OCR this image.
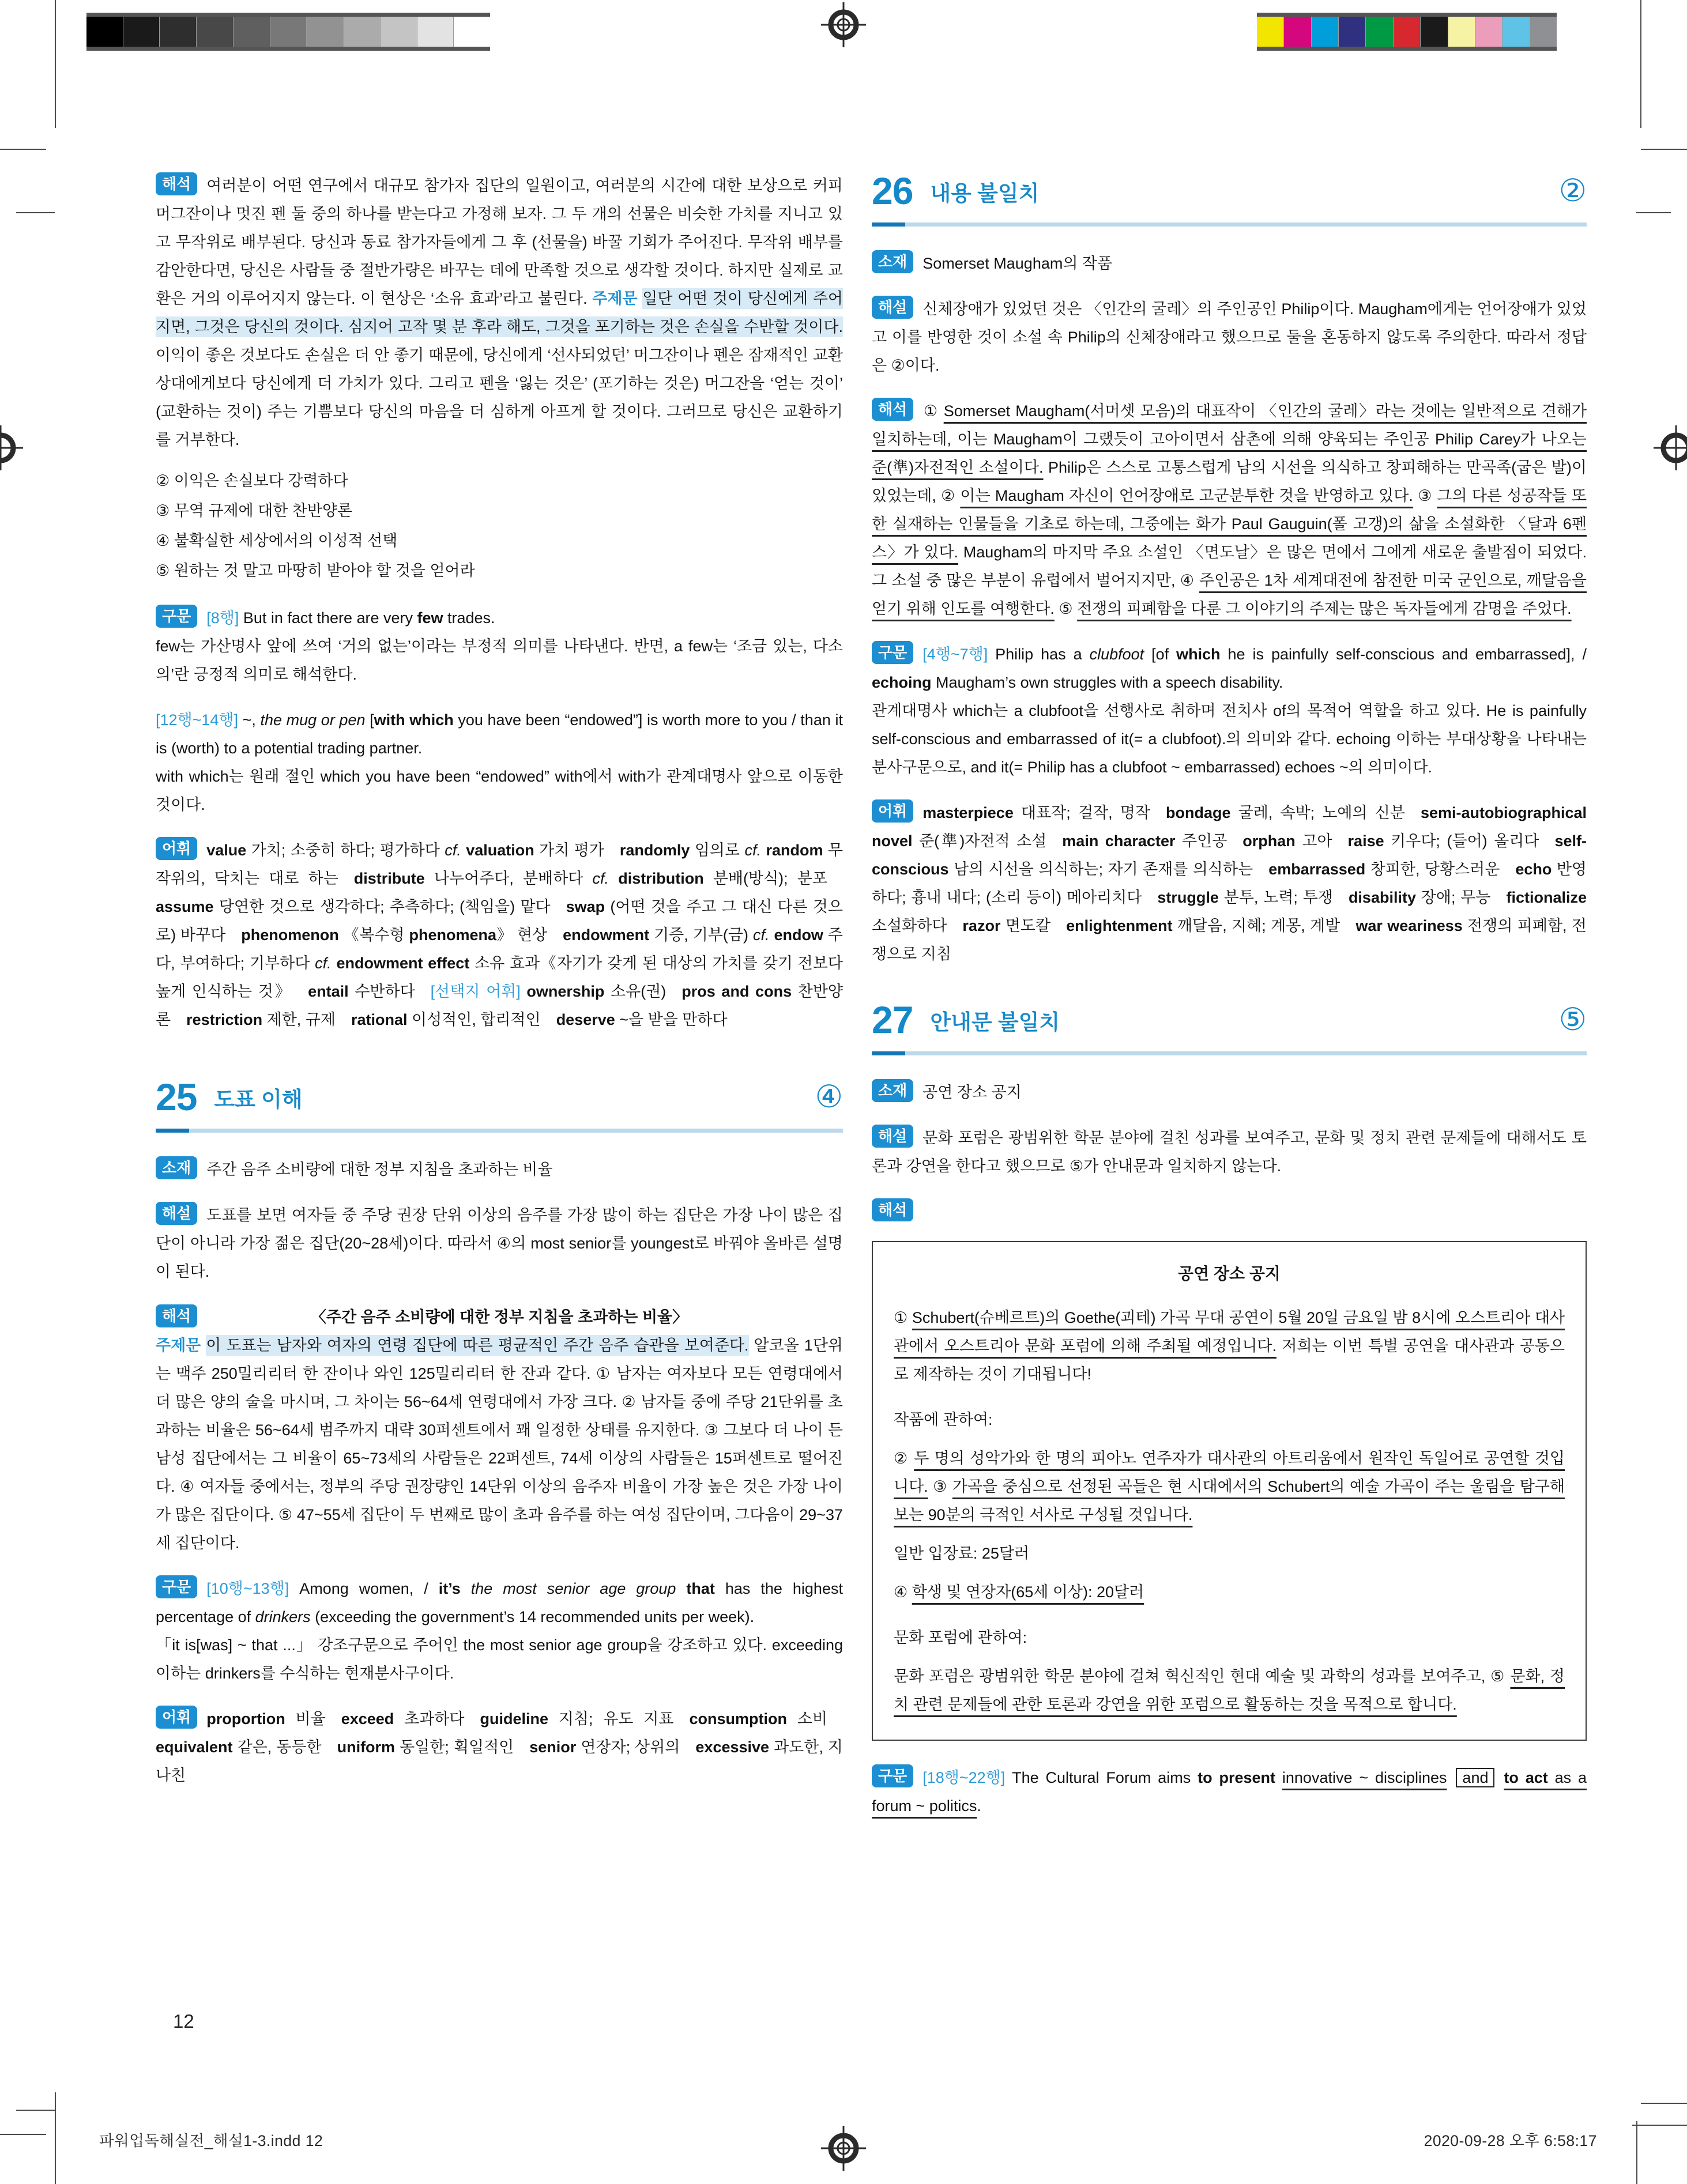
해석 여러분이 어떤 연구에서 대규모 참가자 집단의 일원이고, 여러분의 시간에 대한 보상으로 커피 머그잔이나 멋진 펜 둘 중의 하나를 받는다고 가정해 보자. 그 두 개의 선물은 비슷한 가치를 지니고 있고 무작위로 배부된다. 당신과 동료 참가자들에게 그 후 (선물을) 바꿀 기회가 주어진다. 무작위 배부를 감안한다면, 당신은 사람들 중 절반가량은 바꾸는 데에 만족할 것으로 생각할 것이다. 하지만 실제로 교환은 거의 이루어지지 않는다. 이 현상은 ‘소유 효과’라고 불린다. 주제문 일단 어떤 것이 당신에게 주어지면, 그것은 당신의 것이다. 심지어 고작 몇 분 후라 해도, 그것을 포기하는 것은 손실을 수반할 것이다. 이익이 좋은 것보다도 손실은 더 안 좋기 때문에, 당신에게 ‘선사되었던’ 머그잔이나 펜은 잠재적인 교환 상대에게보다 당신에게 더 가치가 있다. 그리고 펜을 ‘잃는 것은’ (포기하는 것은) 머그잔을 ‘얻는 것이’ (교환하는 것이) 주는 기쁨보다 당신의 마음을 더 심하게 아프게 할 것이다. 그러므로 당신은 교환하기를 거부한다.
② 이익은 손실보다 강력하다
③ 무역 규제에 대한 찬반양론
④ 불확실한 세상에서의 이성적 선택
⑤ 원하는 것 말고 마땅히 받아야 할 것을 얻어라
구문 [8행] But in fact there are very few trades.
few는 가산명사 앞에 쓰여 ‘거의 없는’이라는 부정적 의미를 나타낸다. 반면, a few는 ‘조금 있는, 다소의’란 긍정적 의미로 해석한다.
[12행~14행] ~, the mug or pen [with which you have been “endowed”] is worth more to you / than it is (worth) to a potential trading partner.
with which는 원래 절인 which you have been “endowed” with에서 with가 관계대명사 앞으로 이동한 것이다.
어휘 value 가치; 소중히 하다; 평가하다 cf. valuation 가치 평가 randomly 임의로 cf. random 무작위의, 닥치는 대로 하는 distribute 나누어주다, 분배하다 cf. distribution 분배(방식); 분포 assume 당연한 것으로 생각하다; 추측하다; (책임을) 맡다 swap (어떤 것을 주고 그 대신 다른 것으로) 바꾸다 phenomenon 《복수형 phenomena》 현상 endowment 기증, 기부(금) cf. endow 주다, 부여하다; 기부하다 cf. endowment effect 소유 효과《자기가 갖게 된 대상의 가치를 갖기 전보다 높게 인식하는 것》 entail 수반하다 [선택지 어휘] ownership 소유(권) pros and cons 찬반양론 restriction 제한, 규제 rational 이성적인, 합리적인 deserve ~을 받을 만하다
25 도표 이해	④
소재 주간 음주 소비량에 대한 정부 지침을 초과하는 비율
해설 도표를 보면 여자들 중 주당 권장 단위 이상의 음주를 가장 많이 하는 집단은 가장 나이 많은 집단이 아니라 가장 젊은 집단(20~28세)이다. 따라서 ④의 most senior를 youngest로 바꿔야 올바른 설명이 된다.
해석	〈주간 음주 소비량에 대한 정부 지침을 초과하는 비율〉
주제문 이 도표는 남자와 여자의 연령 집단에 따른 평균적인 주간 음주 습관을 보여준다. 알코올 1단위는 맥주 250밀리리터 한 잔이나 와인 125밀리리터 한 잔과 같다. ① 남자는 여자보다 모든 연령대에서 더 많은 양의 술을 마시며, 그 차이는 56~64세 연령대에서 가장 크다. ② 남자들 중에 주당 21단위를 초과하는 비율은 56~64세 범주까지 대략 30퍼센트에서 꽤 일정한 상태를 유지한다. ③ 그보다 더 나이 든 남성 집단에서는 그 비율이 65~73세의 사람들은 22퍼센트, 74세 이상의 사람들은 15퍼센트로 떨어진다. ④ 여자들 중에서는, 정부의 주당 권장량인 14단위 이상의 음주자 비율이 가장 높은 것은 가장 나이가 많은 집단이다. ⑤ 47~55세 집단이 두 번째로 많이 초과 음주를 하는 여성 집단이며, 그다음이 29~37세 집단이다.
구문 [10행~13행] Among women, / it’s the most senior age group that has the highest percentage of drinkers (exceeding the government’s 14 recommended units per week).
「it is[was] ~ that ...」 강조구문으로 주어인 the most senior age group을 강조하고 있다. exceeding 이하는 drinkers를 수식하는 현재분사구이다.
어휘 proportion 비율 exceed 초과하다 guideline 지침; 유도 지표 consumption 소비 equivalent 같은, 동등한 uniform 동일한; 획일적인 senior 연장자; 상위의 excessive 과도한, 지나친
26 내용 불일치	②
소재 Somerset Maugham의 작품
해설 신체장애가 있었던 것은 〈인간의 굴레〉의 주인공인 Philip이다. Maugham에게는 언어장애가 있었고 이를 반영한 것이 소설 속 Philip의 신체장애라고 했으므로 둘을 혼동하지 않도록 주의한다. 따라서 정답은 ②이다.
해석 ① Somerset Maugham(서머셋 모음)의 대표작이 〈인간의 굴레〉라는 것에는 일반적으로 견해가 일치하는데, 이는 Maugham이 그랬듯이 고아이면서 삼촌에 의해 양육되는 주인공 Philip Carey가 나오는 준(準)자전적인 소설이다. Philip은 스스로 고통스럽게 남의 시선을 의식하고 창피해하는 만곡족(굽은 발)이 있었는데, ② 이는 Maugham 자신이 언어장애로 고군분투한 것을 반영하고 있다. ③ 그의 다른 성공작들 또한 실재하는 인물들을 기초로 하는데, 그중에는 화가 Paul Gauguin(폴 고갱)의 삶을 소설화한 〈달과 6펜스〉가 있다. Maugham의 마지막 주요 소설인 〈면도날〉은 많은 면에서 그에게 새로운 출발점이 되었다. 그 소설 중 많은 부분이 유럽에서 벌어지지만, ④ 주인공은 1차 세계대전에 참전한 미국 군인으로, 깨달음을 얻기 위해 인도를 여행한다. ⑤ 전쟁의 피폐함을 다룬 그 이야기의 주제는 많은 독자들에게 감명을 주었다.
구문 [4행~7행] Philip has a clubfoot [of which he is painfully self-conscious and embarrassed], / echoing Maugham’s own struggles with a speech disability.
관계대명사 which는 a clubfoot을 선행사로 취하며 전치사 of의 목적어 역할을 하고 있다. He is painfully self-conscious and embarrassed of it(= a clubfoot).의 의미와 같다. echoing 이하는 부대상황을 나타내는 분사구문으로, and it(= Philip has a clubfoot ~ embarrassed) echoes ~의 의미이다.
어휘 masterpiece 대표작; 걸작, 명작 bondage 굴레, 속박; 노예의 신분 semi-autobiographical novel 준(準)자전적 소설 main character 주인공 orphan 고아 raise 키우다; (들어) 올리다 self-conscious 남의 시선을 의식하는; 자기 존재를 의식하는 embarrassed 창피한, 당황스러운 echo 반영하다; 흉내 내다; (소리 등이) 메아리치다 struggle 분투, 노력; 투쟁 disability 장애; 무능 fictionalize 소설화하다 razor 면도칼 enlightenment 깨달음, 지혜; 계몽, 계발 war weariness 전쟁의 피폐함, 전쟁으로 지침
27 안내문 불일치	⑤
소재 공연 장소 공지
해설 문화 포럼은 광범위한 학문 분야에 걸친 성과를 보여주고, 문화 및 정치 관련 문제들에 대해서도 토론과 강연을 한다고 했으므로 ⑤가 안내문과 일치하지 않는다.
해석
공연 장소 공지
① Schubert(슈베르트)의 Goethe(괴테) 가곡 무대 공연이 5월 20일 금요일 밤 8시에 오스트리아 대사관에서 오스트리아 문화 포럼에 의해 주최될 예정입니다. 저희는 이번 특별 공연을 대사관과 공동으로 제작하는 것이 기대됩니다!
작품에 관하여:
② 두 명의 성악가와 한 명의 피아노 연주자가 대사관의 아트리움에서 원작인 독일어로 공연할 것입니다. ③ 가곡을 중심으로 선정된 곡들은 현 시대에서의 Schubert의 예술 가곡이 주는 울림을 탐구해보는 90분의 극적인 서사로 구성될 것입니다.
일반 입장료: 25달러
④ 학생 및 연장자(65세 이상): 20달러
문화 포럼에 관하여:
문화 포럼은 광범위한 학문 분야에 걸쳐 혁신적인 현대 예술 및 과학의 성과를 보여주고, ⑤ 문화, 정치 관련 문제들에 관한 토론과 강연을 위한 포럼으로 활동하는 것을 목적으로 합니다.
구문 [18행~22행] The Cultural Forum aims to present innovative ~ disciplines and to act as a forum ~ politics.
12
파워업독해실전_해설1-3.indd 12	2020-09-28 오후 6:58:17
